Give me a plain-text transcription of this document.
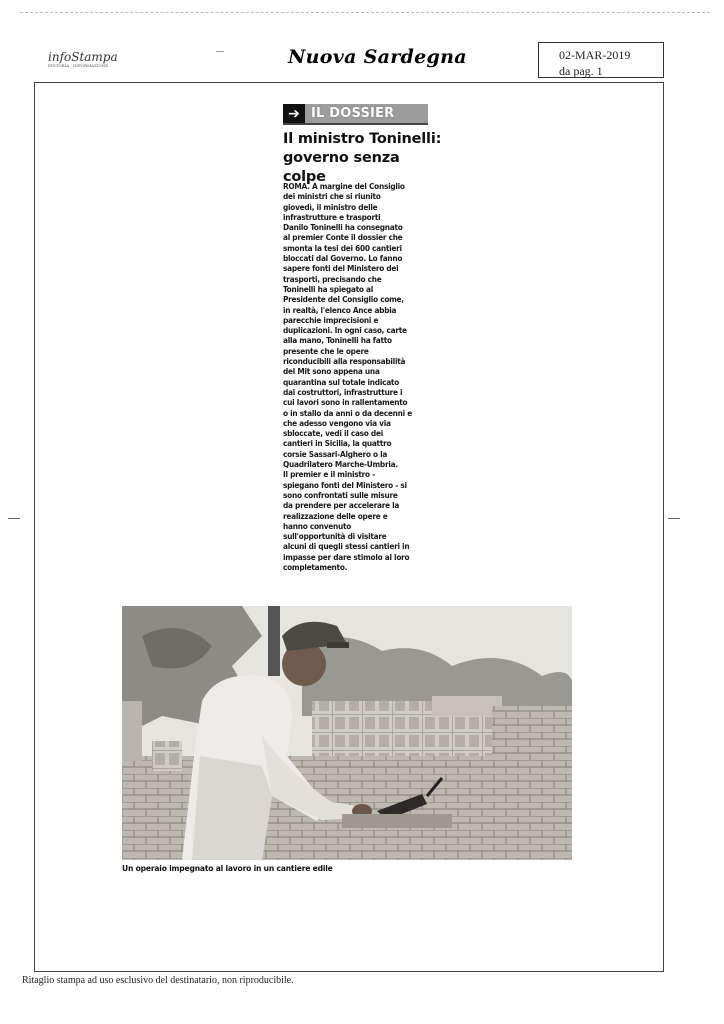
infoStampa
EDITORIA - INFORMAZIONE	Nuova Sardegna	02-MAR-2019
da pag. 1
➔ IL DOSSIER
Il ministro Toninelli:
governo senza colpe
ROMA. A margine del Consiglio
dei ministri che si riunito
giovedì, il ministro delle
infrastrutture e trasporti
Danilo Toninelli ha consegnato
al premier Conte il dossier che
smonta la tesi dei 600 cantieri
bloccati dal Governo. Lo fanno
sapere fonti del Ministero dei
trasporti, precisando che
Toninelli ha spiegato al
Presidente del Consiglio come,
in realtà, l'elenco Ance abbia
parecchie imprecisioni e
duplicazioni. In ogni caso, carte
alla mano, Toninelli ha fatto
presente che le opere
riconducibili alla responsabilità
del Mit sono appena una
quarantina sul totale indicato
dai costruttori, infrastrutture i
cui lavori sono in rallentamento
o in stallo da anni o da decenni e
che adesso vengono via via
sbloccate, vedi il caso dei
cantieri in Sicilia, la quattro
corsie Sassari-Alghero o la
Quadrilatero Marche-Umbria.
Il premier e il ministro -
spiegano fonti del Ministero - si
sono confrontati sulle misure
da prendere per accelerare la
realizzazione delle opere e
hanno convenuto
sull'opportunità di visitare
alcuni di quegli stessi cantieri in
impasse per dare stimolo al loro
completamento.
Un operaio impegnato al lavoro in un cantiere edile
Ritaglio stampa ad uso esclusivo del destinatario, non riproducibile.
